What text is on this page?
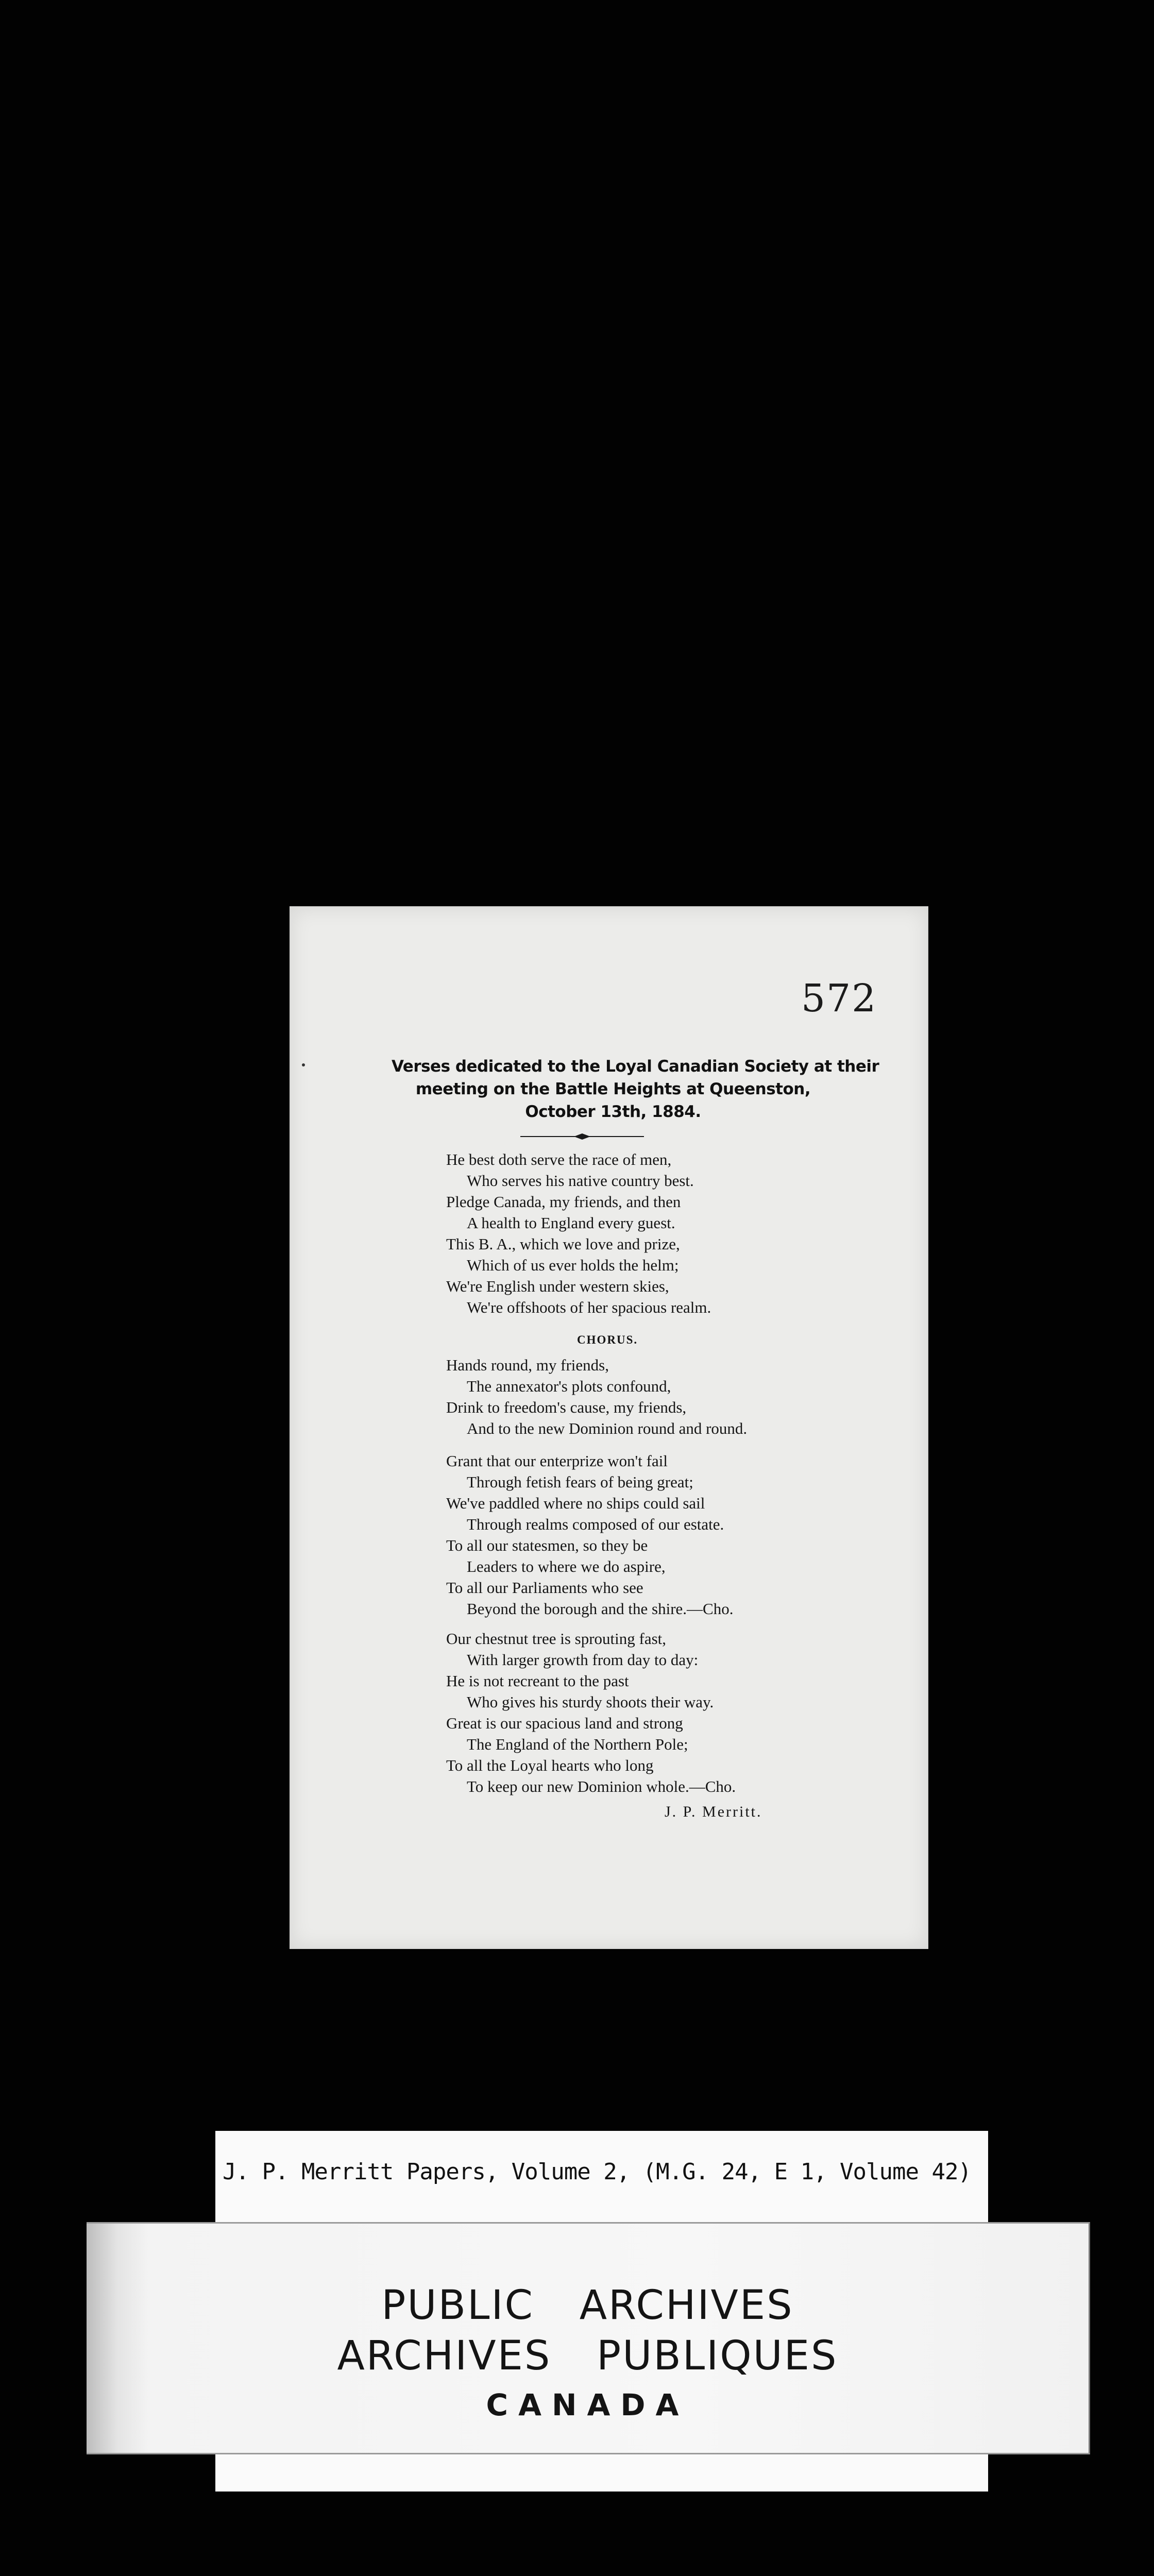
572
Verses dedicated to the Loyal Canadian Society at their
meeting on the Battle Heights at Queenston,
October 13th, 1884.
He best doth serve the race of men,
Who serves his native country best.
Pledge Canada, my friends, and then
A health to England every guest.
This B. A., which we love and prize,
Which of us ever holds the helm;
We're English under western skies,
We're offshoots of her spacious realm.
CHORUS.
Hands round, my friends,
The annexator's plots confound,
Drink to freedom's cause, my friends,
And to the new Dominion round and round.
Grant that our enterprize won't fail
Through fetish fears of being great;
We've paddled where no ships could sail
Through realms composed of our estate.
To all our statesmen, so they be
Leaders to where we do aspire,
To all our Parliaments who see
Beyond the borough and the shire.—Cho.
Our chestnut tree is sprouting fast,
With larger growth from day to day:
He is not recreant to the past
Who gives his sturdy shoots their way.
Great is our spacious land and strong
The England of the Northern Pole;
To all the Loyal hearts who long
To keep our new Dominion whole.—Cho.
J. P. Merritt.
J. P. Merritt Papers, Volume 2, (M.G. 24, E 1, Volume 42)
PUBLIC ARCHIVES
ARCHIVES PUBLIQUES
CANADA
